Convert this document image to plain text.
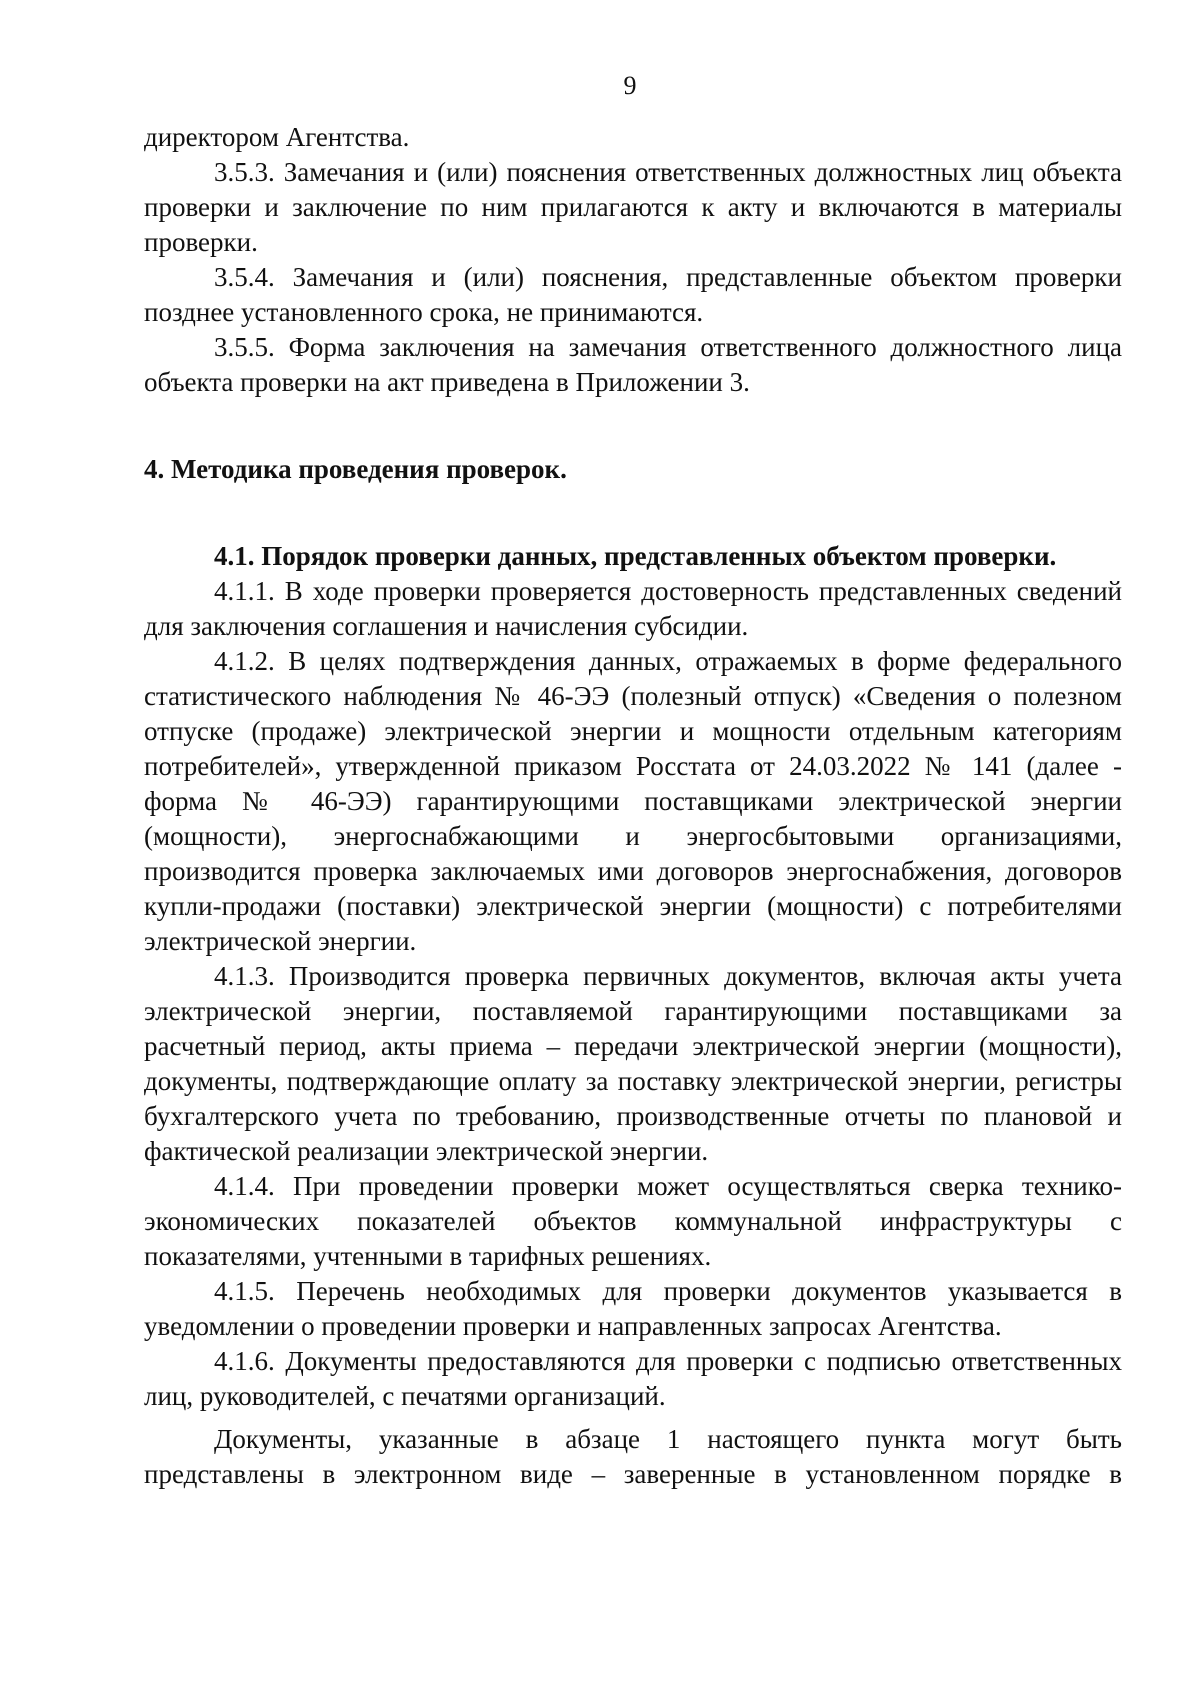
9

директором Агентства.

3.5.3. Замечания и (или) пояснения ответственных должностных лиц объекта проверки и заключение по ним прилагаются к акту и включаются в материалы проверки.

3.5.4. Замечания и (или) пояснения, представленные объектом проверки позднее установленного срока, не принимаются.

3.5.5. Форма заключения на замечания ответственного должностного лица объекта проверки на акт приведена в Приложении 3.

4. Методика проведения проверок.

4.1. Порядок проверки данных, представленных объектом проверки.

4.1.1. В ходе проверки проверяется достоверность представленных сведений для заключения соглашения и начисления субсидии.

4.1.2. В целях подтверждения данных, отражаемых в форме федерального статистического наблюдения № 46-ЭЭ (полезный отпуск) «Сведения о полезном отпуске (продаже) электрической энергии и мощности отдельным категориям потребителей», утвержденной приказом Росстата от 24.03.2022 № 141 (далее - форма № 46-ЭЭ) гарантирующими поставщиками электрической энергии (мощности), энергоснабжающими и энергосбытовыми организациями, производится проверка заключаемых ими договоров энергоснабжения, договоров купли-продажи (поставки) электрической энергии (мощности) с потребителями электрической энергии.

4.1.3. Производится проверка первичных документов, включая акты учета электрической энергии, поставляемой гарантирующими поставщиками за расчетный период, акты приема – передачи электрической энергии (мощности), документы, подтверждающие оплату за поставку электрической энергии, регистры бухгалтерского учета по требованию, производственные отчеты по плановой и фактической реализации электрической энергии.

4.1.4. При проведении проверки может осуществляться сверка технико-экономических показателей объектов коммунальной инфраструктуры с показателями, учтенными в тарифных решениях.

4.1.5. Перечень необходимых для проверки документов указывается в уведомлении о проведении проверки и направленных запросах Агентства.

4.1.6. Документы предоставляются для проверки с подписью ответственных лиц, руководителей, с печатями организаций.

Документы, указанные в абзаце 1 настоящего пункта могут быть представлены в электронном виде – заверенные в установленном порядке в
